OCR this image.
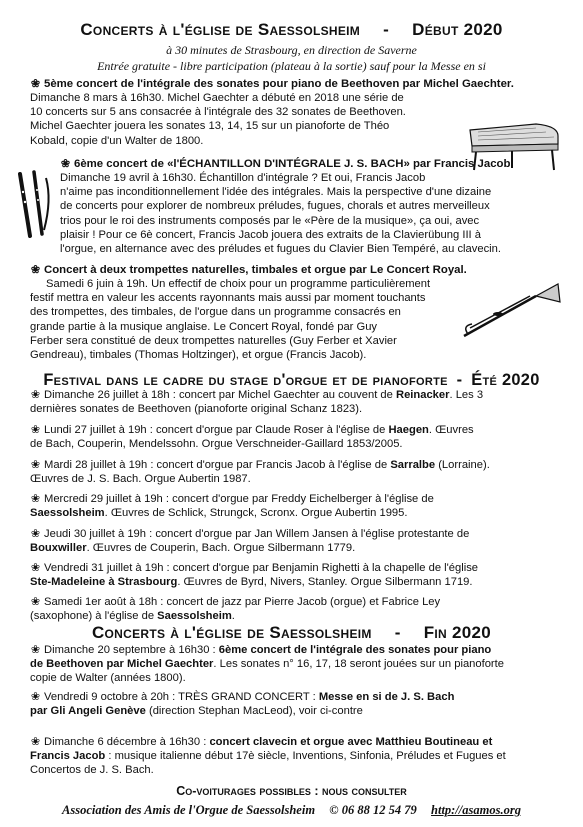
Concerts à l'église de Saessolsheim - Début 2020
à 30 minutes de Strasbourg, en direction de Saverne
Entrée gratuite - libre participation (plateau à la sortie) sauf pour la Messe en si
❀ 5ème concert de l'intégrale des sonates pour piano de Beethoven par Michel Gaechter.
Dimanche 8 mars à 16h30. Michel Gaechter a débuté en 2018 une série de
10 concerts sur 5 ans consacrée à l'intégrale des 32 sonates de Beethoven.
Michel Gaechter jouera les sonates 13, 14, 15 sur un pianoforte de Théo
Kobald, copie d'un Walter de 1800.
❀ 6ème concert de «l'ÉCHANTILLON D'INTÉGRALE J. S. BACH» par Francis Jacob.
Dimanche 19 avril à 16h30. Échantillon d'intégrale ? Et oui, Francis Jacob
n'aime pas inconditionnellement l'idée des intégrales. Mais la perspective d'une dizaine
de concerts pour explorer de nombreux préludes, fugues, chorals et autres merveilleux
trios pour le roi des instruments composés par le «Père de la musique», ça oui, avec
plaisir ! Pour ce 6è concert, Francis Jacob jouera des extraits de la Clavierübung III à
l'orgue, en alternance avec des préludes et fugues du Clavier Bien Tempéré, au clavecin.
❀ Concert à deux trompettes naturelles, timbales et orgue par Le Concert Royal.
Samedi 6 juin à 19h. Un effectif de choix pour un programme particulièrement
festif mettra en valeur les accents rayonnants mais aussi par moment touchants
des trompettes, des timbales, de l'orgue dans un programme consacrés en
grande partie à la musique anglaise. Le Concert Royal, fondé par Guy
Ferber sera constitué de deux trompettes naturelles (Guy Ferber et Xavier
Gendreau), timbales (Thomas Holtzinger), et orgue (Francis Jacob).
Festival dans le cadre du stage d'orgue et de pianoforte - Été 2020
❀ Dimanche 26 juillet à 18h : concert par Michel Gaechter au couvent de Reinacker. Les 3
dernières sonates de Beethoven (pianoforte original Schanz 1823).
❀ Lundi 27 juillet à 19h : concert d'orgue par Claude Roser à l'église de Haegen. Œuvres
de Bach, Couperin, Mendelssohn. Orgue Verschneider-Gaillard 1853/2005.
❀ Mardi 28 juillet à 19h : concert d'orgue par Francis Jacob à l'église de Sarralbe (Lorraine).
Œuvres de J. S. Bach. Orgue Aubertin 1987.
❀ Mercredi 29 juillet à 19h : concert d'orgue par Freddy Eichelberger à l'église de
Saessolsheim. Œuvres de Schlick, Strungck, Scronx. Orgue Aubertin 1995.
❀ Jeudi 30 juillet à 19h : concert d'orgue par Jan Willem Jansen à l'église protestante de
Bouxwiller. Œuvres de Couperin, Bach. Orgue Silbermann 1779.
❀ Vendredi 31 juillet à 19h : concert d'orgue par Benjamin Righetti à la chapelle de l'église
Ste-Madeleine à Strasbourg. Œuvres de Byrd, Nivers, Stanley. Orgue Silbermann 1719.
❀ Samedi 1er août à 18h : concert de jazz par Pierre Jacob (orgue) et Fabrice Ley
(saxophone) à l'église de Saessolsheim.
Concerts à l'église de Saessolsheim - Fin 2020
❀ Dimanche 20 septembre à 16h30 : 6ème concert de l'intégrale des sonates pour piano
de Beethoven par Michel Gaechter. Les sonates n° 16, 17, 18 seront jouées sur un pianoforte
copie de Walter (années 1800).
❀ Vendredi 9 octobre à 20h : TRÈS GRAND CONCERT : Messe en si de J. S. Bach
par Gli Angeli Genève (direction Stephan MacLeod), voir ci-contre
❀ Dimanche 6 décembre à 16h30 : concert clavecin et orgue avec Matthieu Boutineau et
Francis Jacob : musique italienne début 17è siècle, Inventions, Sinfonia, Préludes et Fugues et
Concertos de J. S. Bach.
Co-voiturages possibles : nous consulter
Association des Amis de l'Orgue de Saessolsheim © 06 88 12 54 79 http://asamos.org
